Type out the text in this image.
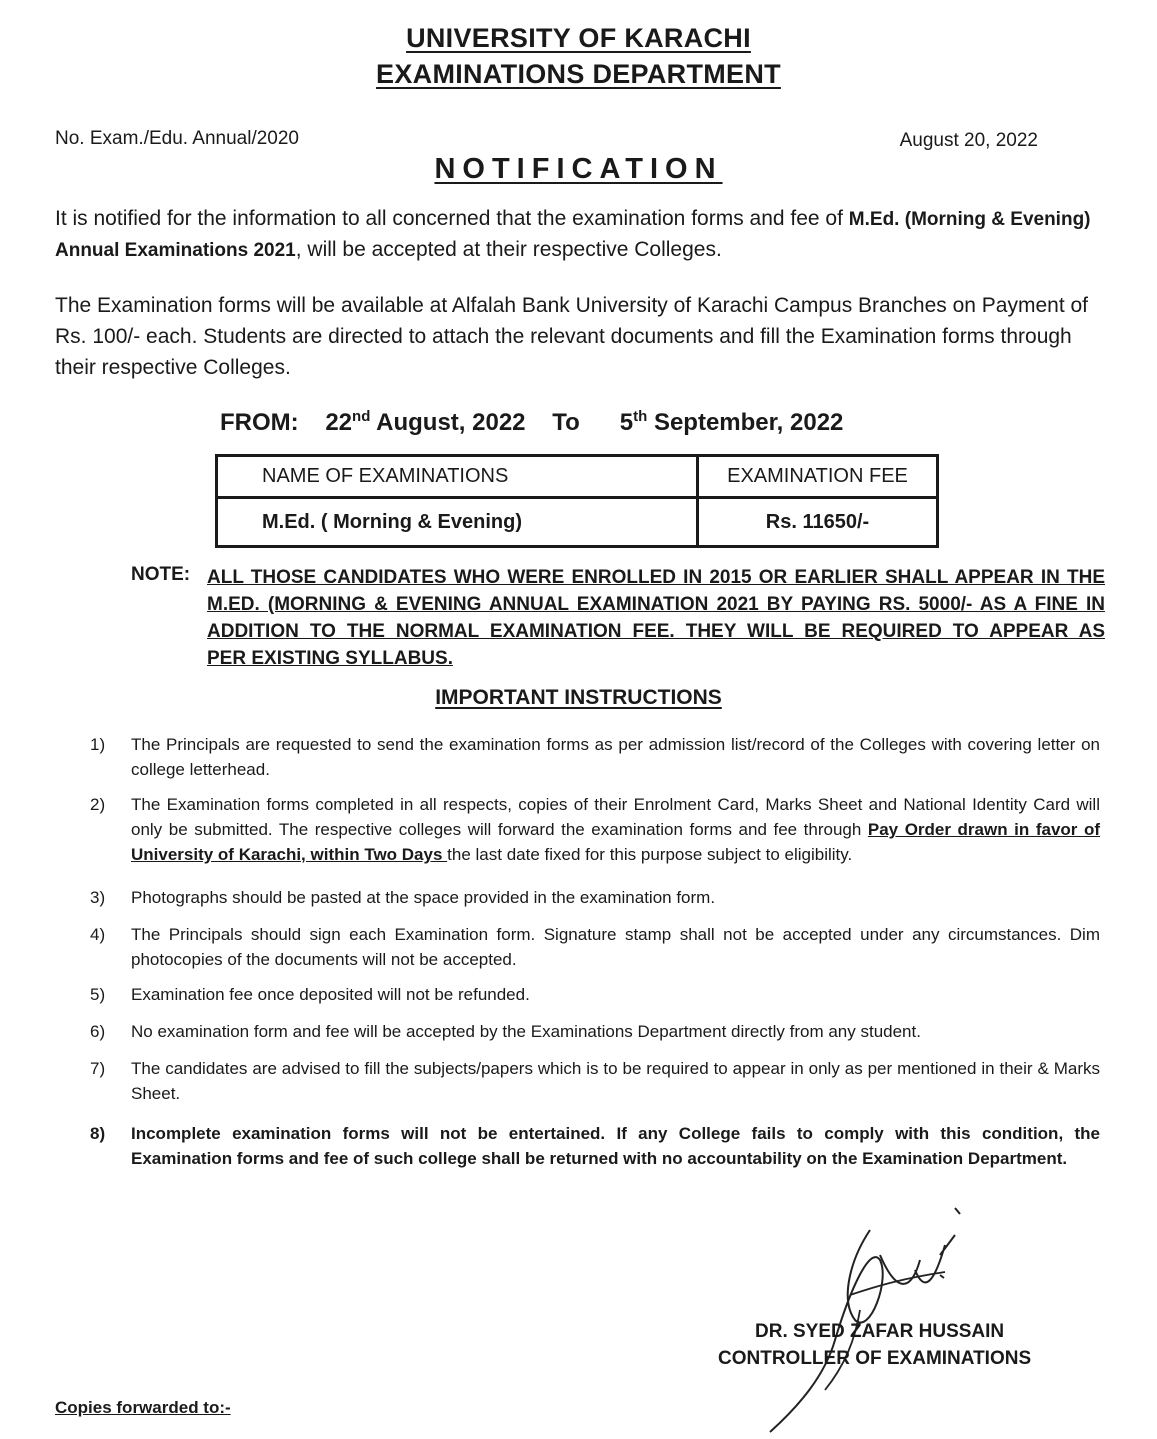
UNIVERSITY OF KARACHI
EXAMINATIONS DEPARTMENT
No. Exam./Edu. Annual/2020	August 20, 2022
NOTIFICATION
It is notified for the information to all concerned that the examination forms and fee of M.Ed. (Morning & Evening) Annual Examinations 2021, will be accepted at their respective Colleges.
The Examination forms will be available at Alfalah Bank University of Karachi Campus Branches on Payment of Rs. 100/- each. Students are directed to attach the relevant documents and fill the Examination forms through their respective Colleges.
FROM: 22nd August, 2022 To 5th September, 2022
NAME OF EXAMINATIONS	EXAMINATION FEE
M.Ed. ( Morning & Evening)	Rs. 11650/-
NOTE: ALL THOSE CANDIDATES WHO WERE ENROLLED IN 2015 OR EARLIER SHALL APPEAR IN THE M.ED. (MORNING & EVENING ANNUAL EXAMINATION 2021 BY PAYING RS. 5000/- AS A FINE IN ADDITION TO THE NORMAL EXAMINATION FEE. THEY WILL BE REQUIRED TO APPEAR AS
PER EXISTING SYLLABUS.
IMPORTANT INSTRUCTIONS
1) The Principals are requested to send the examination forms as per admission list/record of the Colleges with covering letter on college letterhead.
2) The Examination forms completed in all respects, copies of their Enrolment Card, Marks Sheet and National Identity Card will only be submitted. The respective colleges will forward the examination forms and fee through Pay Order drawn in favor of University of Karachi, within Two Days the last date fixed for this purpose subject to eligibility.
3) Photographs should be pasted at the space provided in the examination form.
4) The Principals should sign each Examination form. Signature stamp shall not be accepted under any circumstances. Dim photocopies of the documents will not be accepted.
5) Examination fee once deposited will not be refunded.
6) No examination form and fee will be accepted by the Examinations Department directly from any student.
7) The candidates are advised to fill the subjects/papers which is to be required to appear in only as per mentioned in their & Marks Sheet.
8) Incomplete examination forms will not be entertained. If any College fails to comply with this condition, the Examination forms and fee of such college shall be returned with no accountability on the Examination Department.
DR. SYED ZAFAR HUSSAIN
CONTROLLER OF EXAMINATIONS
Copies forwarded to:-
